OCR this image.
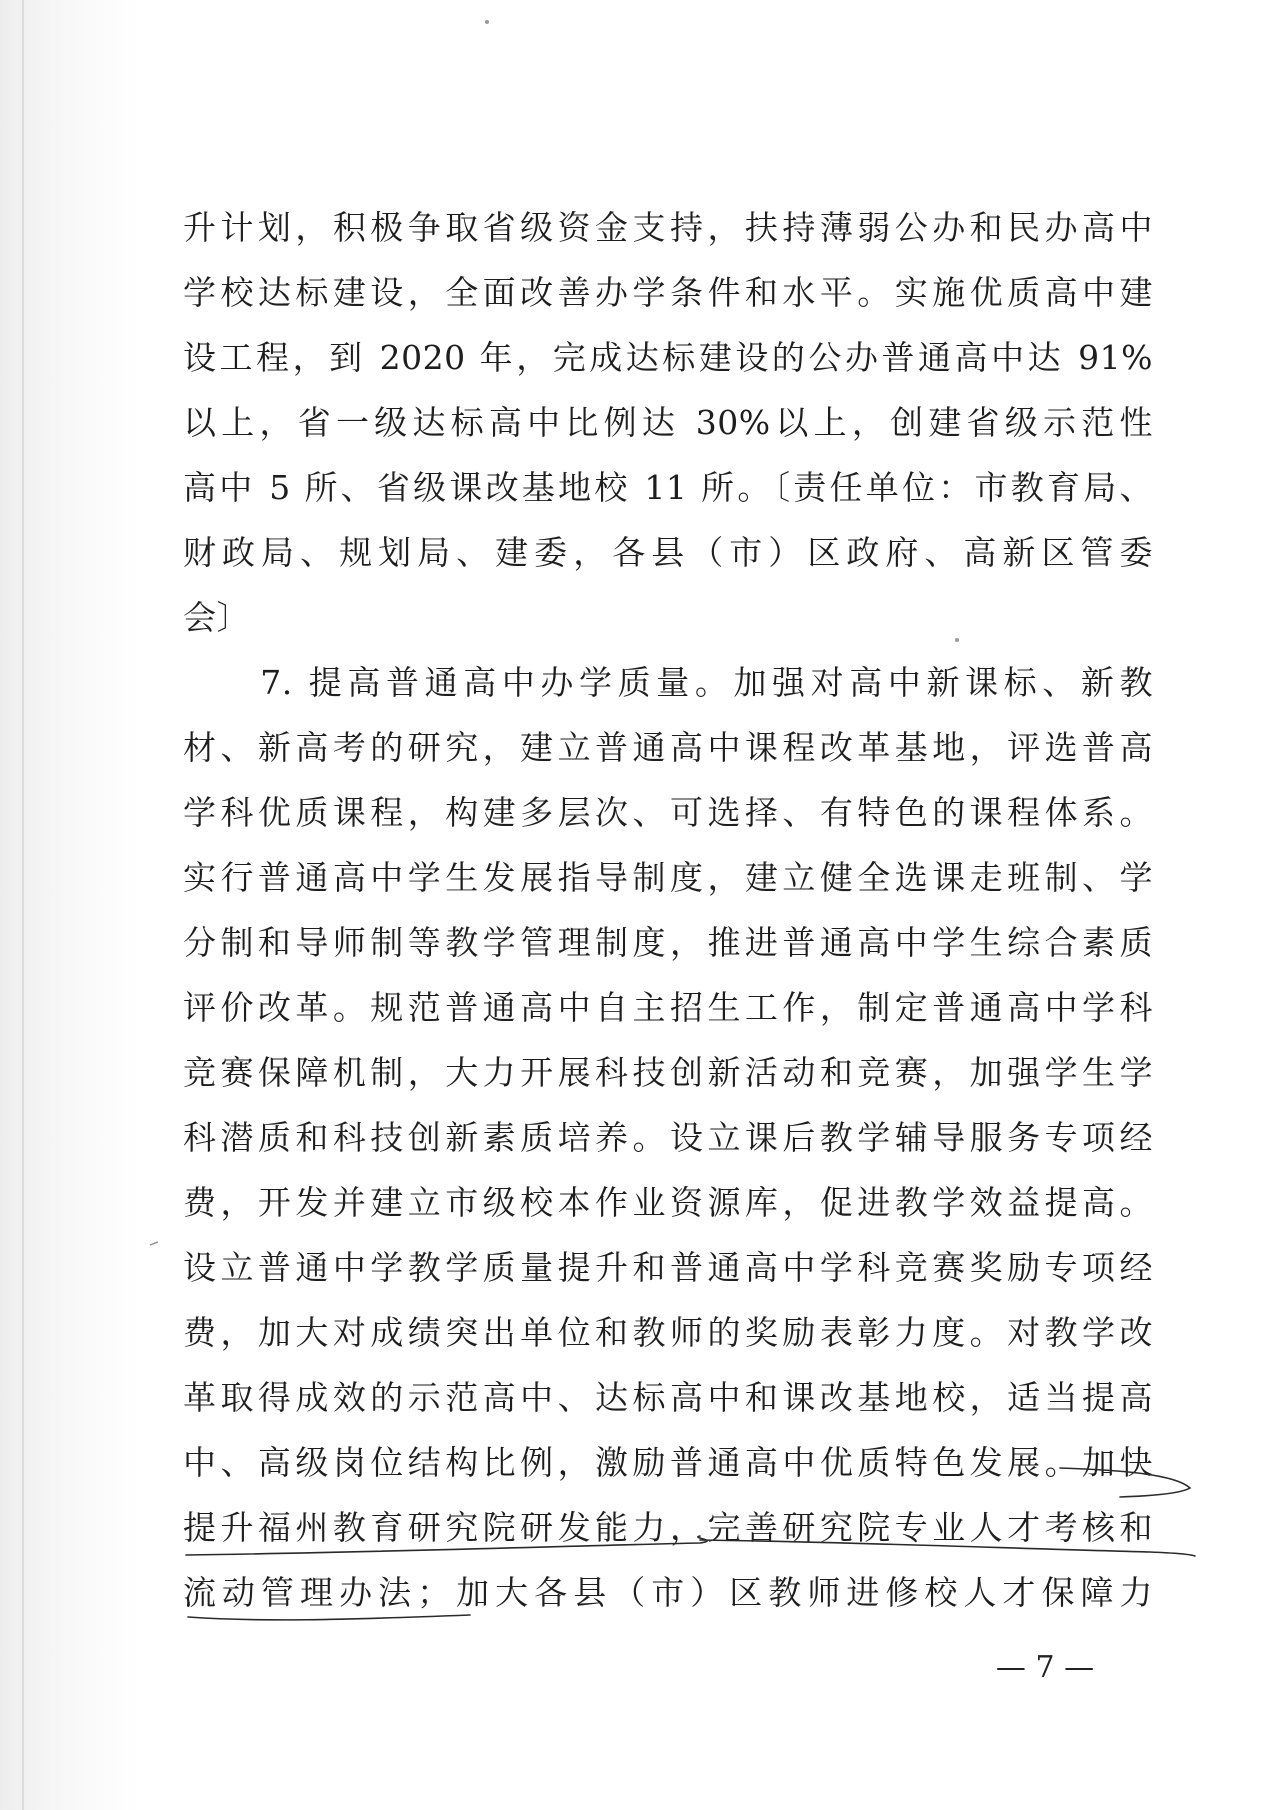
升计划，积极争取省级资金支持，扶持薄弱公办和民办高中
学校达标建设，全面改善办学条件和水平。实施优质高中建
设工程，到 2020 年，完成达标建设的公办普通高中达 91%
以上，省一级达标高中比例达 30%以上，创建省级示范性
高中 5 所、省级课改基地校 11 所。〔责任单位：市教育局、
财政局、规划局、建委，各县（市）区政府、高新区管委
会〕
　　7. 提高普通高中办学质量。加强对高中新课标、新教
材、新高考的研究，建立普通高中课程改革基地，评选普高
学科优质课程，构建多层次、可选择、有特色的课程体系。
实行普通高中学生发展指导制度，建立健全选课走班制、学
分制和导师制等教学管理制度，推进普通高中学生综合素质
评价改革。规范普通高中自主招生工作，制定普通高中学科
竞赛保障机制，大力开展科技创新活动和竞赛，加强学生学
科潜质和科技创新素质培养。设立课后教学辅导服务专项经
费，开发并建立市级校本作业资源库，促进教学效益提高。
设立普通中学教学质量提升和普通高中学科竞赛奖励专项经
费，加大对成绩突出单位和教师的奖励表彰力度。对教学改
革取得成效的示范高中、达标高中和课改基地校，适当提高
中、高级岗位结构比例，激励普通高中优质特色发展。加快
提升福州教育研究院研发能力，完善研究院专业人才考核和
流动管理办法；加大各县（市）区教师进修校人才保障力
— 7 —
